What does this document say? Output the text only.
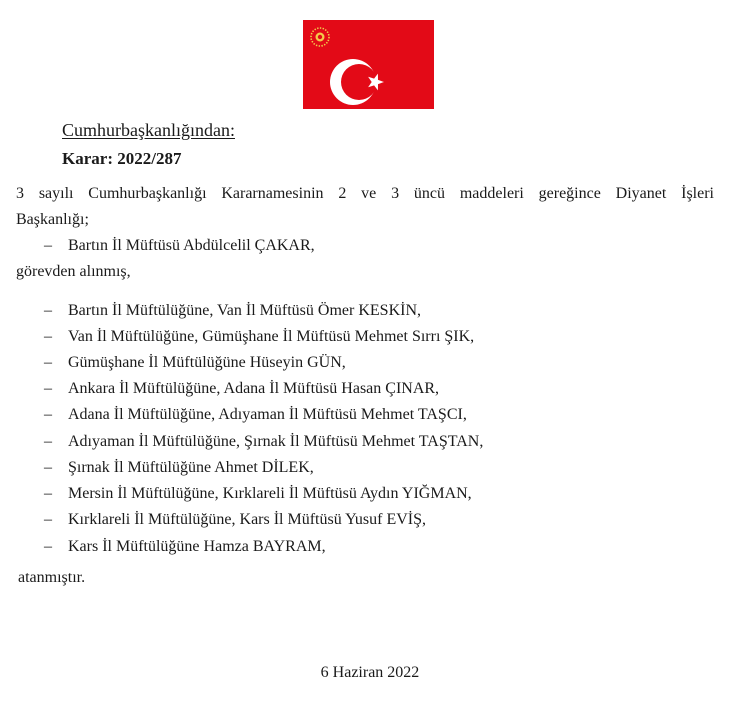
Cumhurbaşkanlığından:
Karar: 2022/287
3 sayılı Cumhurbaşkanlığı Kararnamesinin 2 ve 3 üncü maddeleri gereğince Diyanet İşleri
Başkanlığı;
– Bartın İl Müftüsü Abdülcelil ÇAKAR,
görevden alınmış,
– Bartın İl Müftülüğüne, Van İl Müftüsü Ömer KESKİN,
– Van İl Müftülüğüne, Gümüşhane İl Müftüsü Mehmet Sırrı ŞIK,
– Gümüşhane İl Müftülüğüne Hüseyin GÜN,
– Ankara İl Müftülüğüne, Adana İl Müftüsü Hasan ÇINAR,
– Adana İl Müftülüğüne, Adıyaman İl Müftüsü Mehmet TAŞCI,
– Adıyaman İl Müftülüğüne, Şırnak İl Müftüsü Mehmet TAŞTAN,
– Şırnak İl Müftülüğüne Ahmet DİLEK,
– Mersin İl Müftülüğüne, Kırklareli İl Müftüsü Aydın YIĞMAN,
– Kırklareli İl Müftülüğüne, Kars İl Müftüsü Yusuf EVİŞ,
– Kars İl Müftülüğüne Hamza BAYRAM,
atanmıştır.
6 Haziran 2022
